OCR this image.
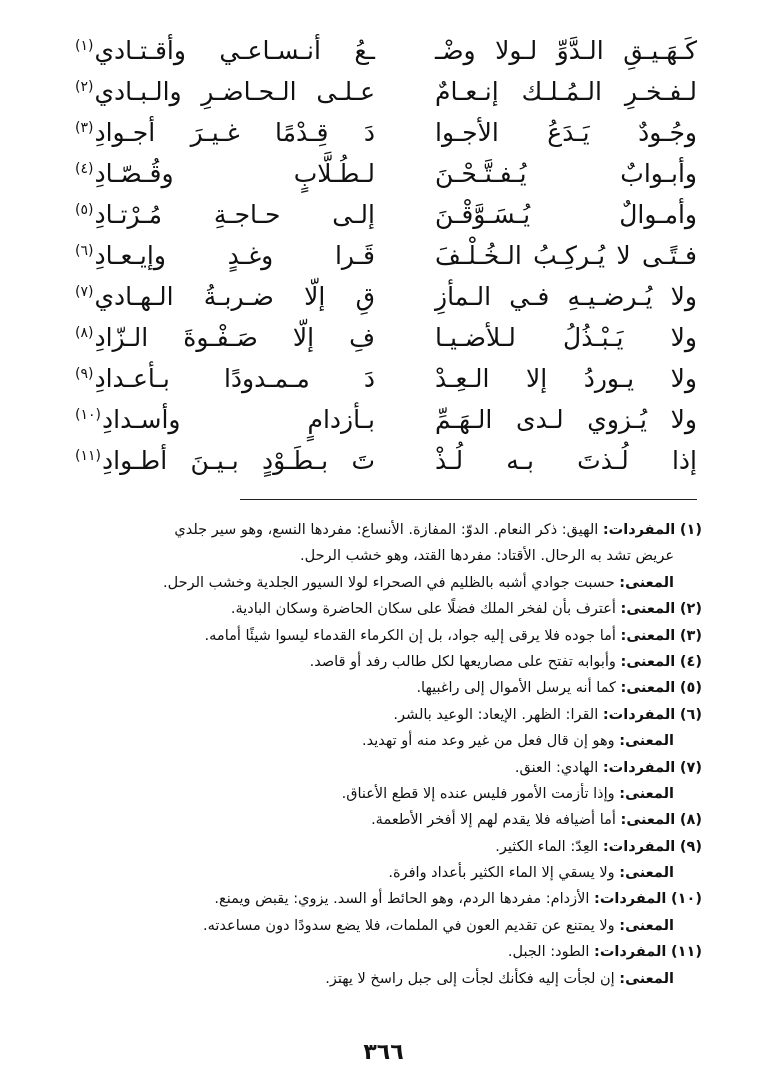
كَـهَـيـقِ الـدَّوِّ لـولا وضْـ
ـعُ أنـسـاعـي وأقـتـادي$^{(١)}$
لـفـخـرِ الـمُـلـك إنـعـامٌ
عـلـى الـحـاضـرِ والـبـادي$^{(٢)}$
وجُـودٌ يَـدَعُ الأجـوا
دَ قِـدْمًا غـيـرَ أجـوادِ$^{(٣)}$
وأبـوابٌ يُـفـتَّـحْـنَ
لـطُـلَّابٍ وقُـصّـادِ$^{(٤)}$
وأمـوالٌ يُـسَـوَّقْـنَ
إلـى حـاجـةِ مُـرْتـادِ$^{(٥)}$
فـتًـى لا يُـركِـبُ الـخُـلْـفَ
قَـرا وغـدٍ وإيـعـادِ$^{(٦)}$
ولا يُـرضـيـهِ فـي الـمأزِ
قِ إلّا ضـربـةُ الـهـادي$^{(٧)}$
ولا يَـبْـذُلُ لـلأضـيـا
فِ إلّا صَـفْـوةَ الـزّادِ$^{(٨)}$
ولا يـوردُ إلا الـعِـدْ
دَ مـمـدودًا بـأعـدادِ$^{(٩)}$
ولا يُـزوي لـدى الـهَـمِّ
بـأزدامٍ وأسـدادِ$^{(١٠)}$
إذا لُـذتَ بـه لُـذْ
تَ بـطَـوْدٍ بـيـنَ أطـوادِ$^{(١١)}$
(١) المفردات: الهيق: ذكر النعام. الدوّ: المفازة. الأنساع: مفردها النسع، وهو سير جلدي
عريض تشد به الرحال. الأقتاد: مفردها القتد، وهو خشب الرحل.
المعنى: حسبت جوادي أشبه بالظليم في الصحراء لولا السيور الجلدية وخشب الرحل.
(٢) المعنى: أعترف بأن لفخر الملك فضلًا على سكان الحاضرة وسكان البادية.
(٣) المعنى: أما جوده فلا يرقى إليه جواد، بل إن الكرماء القدماء ليسوا شيئًا أمامه.
(٤) المعنى: وأبوابه تفتح على مصاريعها لكل طالب رفد أو قاصد.
(٥) المعنى: كما أنه يرسل الأموال إلى راغبيها.
(٦) المفردات: القرا: الظهر. الإيعاد: الوعيد بالشر.
المعنى: وهو إن قال فعل من غير وعد منه أو تهديد.
(٧) المفردات: الهادي: العنق.
المعنى: وإذا تأزمت الأمور فليس عنده إلا قطع الأعناق.
(٨) المعنى: أما أضيافه فلا يقدم لهم إلا أفخر الأطعمة.
(٩) المفردات: العِدّ: الماء الكثير.
المعنى: ولا يسقي إلا الماء الكثير بأعداد وافرة.
(١٠) المفردات: الأزدام: مفردها الردم، وهو الحائط أو السد. يزوي: يقبض ويمنع.
المعنى: ولا يمتنع عن تقديم العون في الملمات، فلا يضع سدودًا دون مساعدته.
(١١) المفردات: الطود: الجبل.
المعنى: إن لجأت إليه فكأنك لجأت إلى جبل راسخ لا يهتز.
٣٦٦
